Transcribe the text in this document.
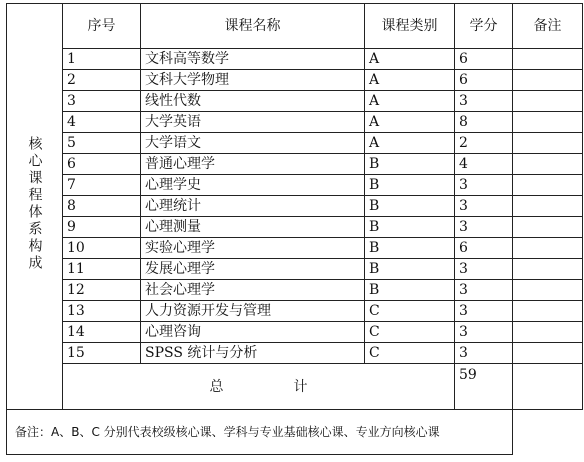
核心课程体系构成	序号	课程名称	课程类别	学分	备注
	1	文科高等数学	A	6	
	2	文科大学物理	A	6	
	3	线性代数	A	3	
	4	大学英语	A	8	
	5	大学语文	A	2	
	6	普通心理学	B	4	
	7	心理学史	B	3	
	8	心理统计	B	3	
	9	心理测量	B	3	
	10	实验心理学	B	6	
	11	发展心理学	B	3	
	12	社会心理学	B	3	
	13	人力资源开发与管理	C	3	
	14	心理咨询	C	3	
	15	SPSS 统计与分析	C	3	
	总 计			59	
备注：A、B、C 分别代表校级核心课、学科与专业基础核心课、专业方向核心课					
